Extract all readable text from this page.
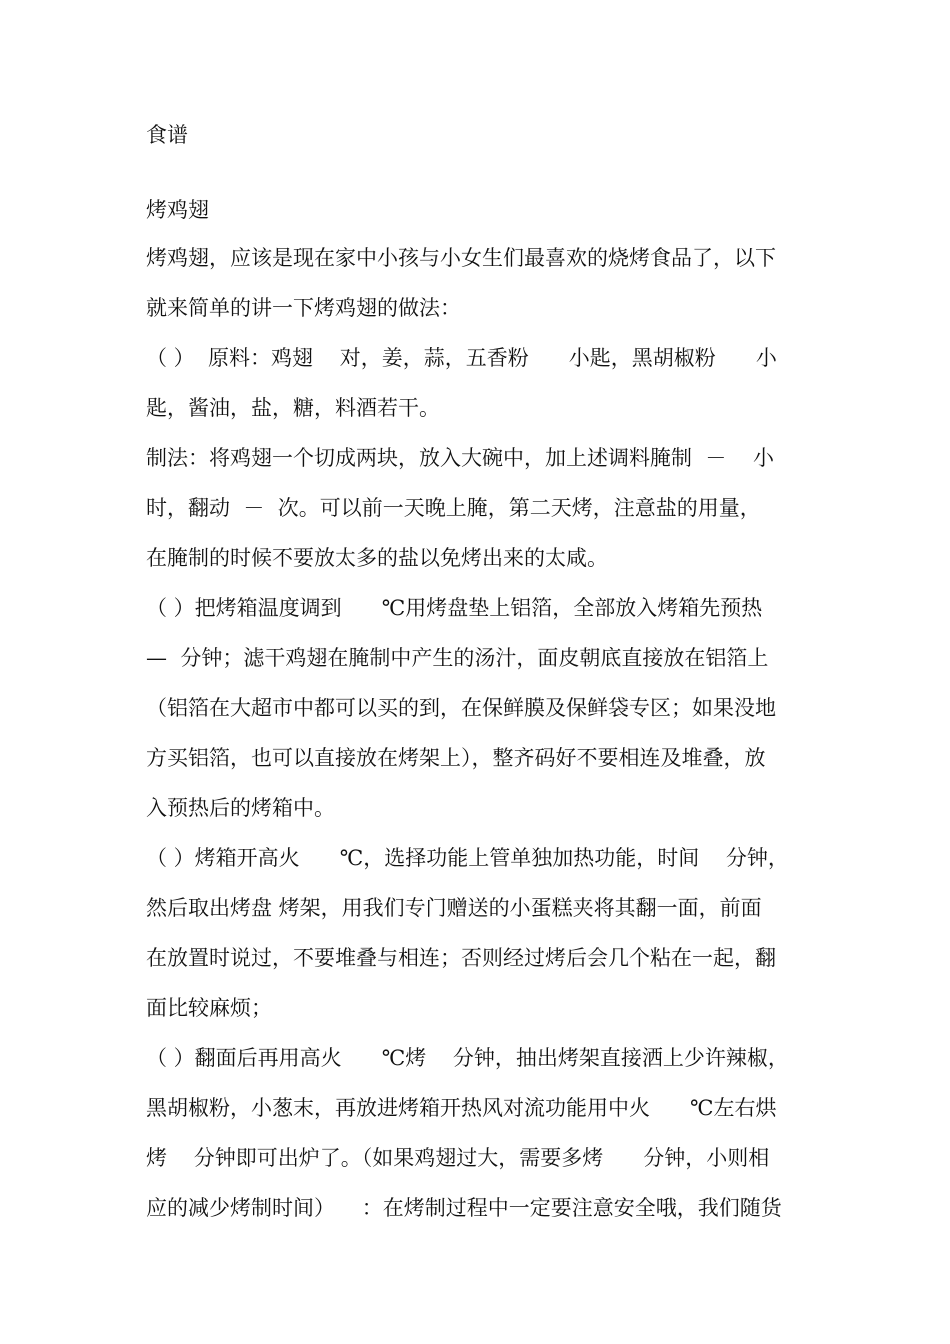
食谱
烤鸡翅
烤鸡翅，应该是现在家中小孩与小女生们最喜欢的烧烤食品了，以下
就来简单的讲一下烤鸡翅的做法：
（ ）  原料：鸡翅    对，姜，蒜，五香粉      小匙，黑胡椒粉      小
匙，酱油，盐，糖，料酒若干。
制法：将鸡翅一个切成两块，放入大碗中，加上述调料腌制  －    小
时，翻动  －  次。可以前一天晚上腌，第二天烤，注意盐的用量，
在腌制的时候不要放太多的盐以免烤出来的太咸。
（ ）把烤箱温度调到      ℃用烤盘垫上铝箔，全部放入烤箱先预热
—  分钟；滤干鸡翅在腌制中产生的汤汁，面皮朝底直接放在铝箔上
（铝箔在大超市中都可以买的到，在保鲜膜及保鲜袋专区；如果没地
方买铝箔，也可以直接放在烤架上），整齐码好不要相连及堆叠，放
入预热后的烤箱中。
（ ）烤箱开高火      ℃，选择功能上管单独加热功能，时间    分钟，
然后取出烤盘 烤架，用我们专门赠送的小蛋糕夹将其翻一面，前面
在放置时说过，不要堆叠与相连；否则经过烤后会几个粘在一起，翻
面比较麻烦；
（ ）翻面后再用高火      ℃烤    分钟，抽出烤架直接洒上少许辣椒，
黑胡椒粉，小葱末，再放进烤箱开热风对流功能用中火      ℃左右烘
烤    分钟即可出炉了。（如果鸡翅过大，需要多烤      分钟，小则相
应的减少烤制时间）    ：在烤制过程中一定要注意安全哦，我们随货
